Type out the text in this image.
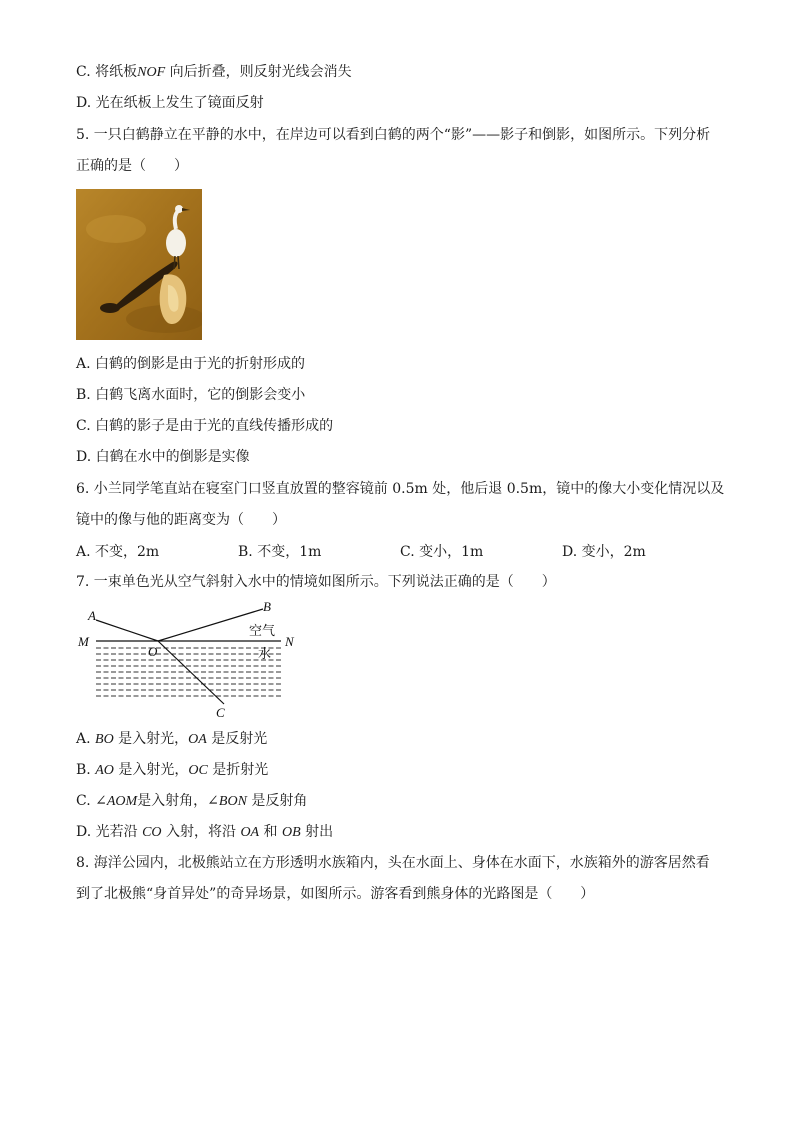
C. 将纸板NOF 向后折叠，则反射光线会消失
D. 光在纸板上发生了镜面反射
5. 一只白鹤静立在平静的水中，在岸边可以看到白鹤的两个“影”——影子和倒影，如图所示。下列分析
正确的是（　　）
A. 白鹤的倒影是由于光的折射形成的
B. 白鹤飞离水面时，它的倒影会变小
C. 白鹤的影子是由于光的直线传播形成的
D. 白鹤在水中的倒影是实像
6. 小兰同学笔直站在寝室门口竖直放置的整容镜前 0.5m 处，他后退 0.5m，镜中的像大小变化情况以及
镜中的像与他的距离变为（　　）
A. 不变，2m	B. 不变，1m	C. 变小，1m	D. 变小，2m
7. 一束单色光从空气斜射入水中的情境如图所示。下列说法正确的是（　　）
A
B
M	N
O
C
空气
水
A. BO 是入射光，OA 是反射光
B. AO 是入射光，OC 是折射光
C. ∠AOM是入射角，∠BON 是反射角
D. 光若沿 CO 入射，将沿 OA 和 OB 射出
8. 海洋公园内，北极熊站立在方形透明水族箱内，头在水面上、身体在水面下，水族箱外的游客居然看
到了北极熊“身首异处”的奇异场景，如图所示。游客看到熊身体的光路图是（　　）
